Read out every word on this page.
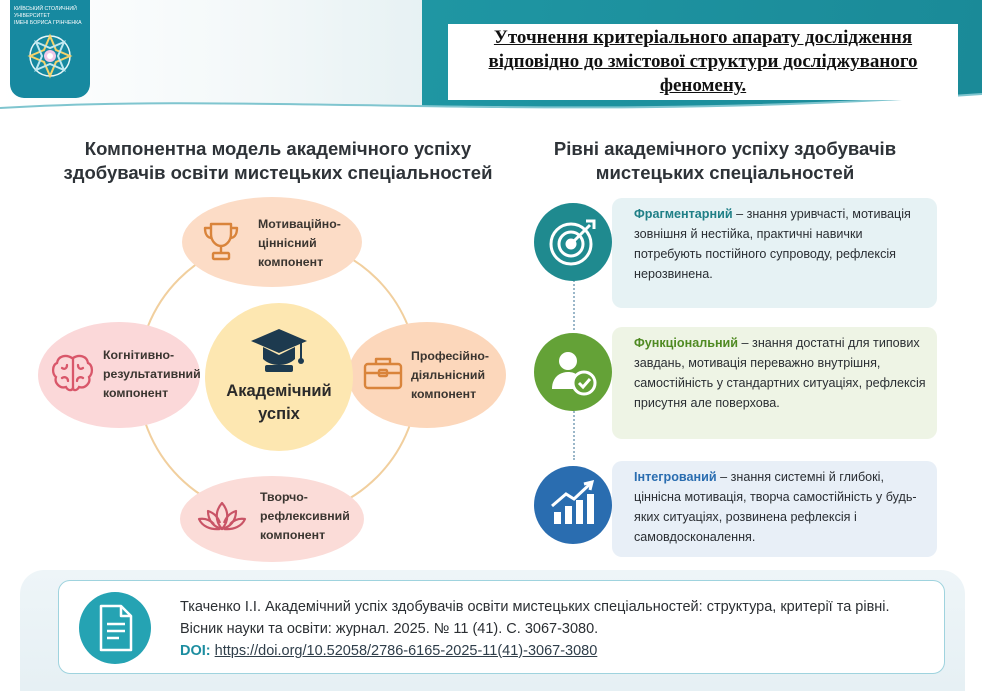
Уточнення критеріального апарату дослідження відповідно до змістової структури досліджуваного феномену.
КИЇВСЬКИЙ СТОЛИЧНИЙ УНІВЕРСИТЕТ
ІМЕНІ БОРИСА ГРІНЧЕНКА
Компонентна модель академічного успіху
здобувачів освіти мистецьких спеціальностей
Рівні академічного успіху здобувачів
мистецьких спеціальностей
Академічний
успіх
Мотиваційно-
ціннісний
компонент
Когнітивно-
результативний
компонент
Професійно-
діяльнісний
компонент
Творчо-
рефлексивний
компонент
Фрагментарний – знання уривчасті, мотивація зовнішня й нестійка, практичні навички потребують постійного супроводу, рефлексія нерозвинена.
Функціональний – знання достатні для типових завдань, мотивація переважно внутрішня, самостійність у стандартних ситуаціях, рефлексія присутня але поверхова.
Інтегрований – знання системні й глибокі, ціннісна мотивація, творча самостійність у будь-яких ситуаціях, розвинена рефлексія і самовдосконалення.
Ткаченко І.І. Академічний успіх здобувачів освіти мистецьких спеціальностей: структура, критерії та рівні. Вісник науки та освіти: журнал. 2025. № 11 (41). С. 3067-3080.
DOI: https://doi.org/10.52058/2786-6165-2025-11(41)-3067-3080
